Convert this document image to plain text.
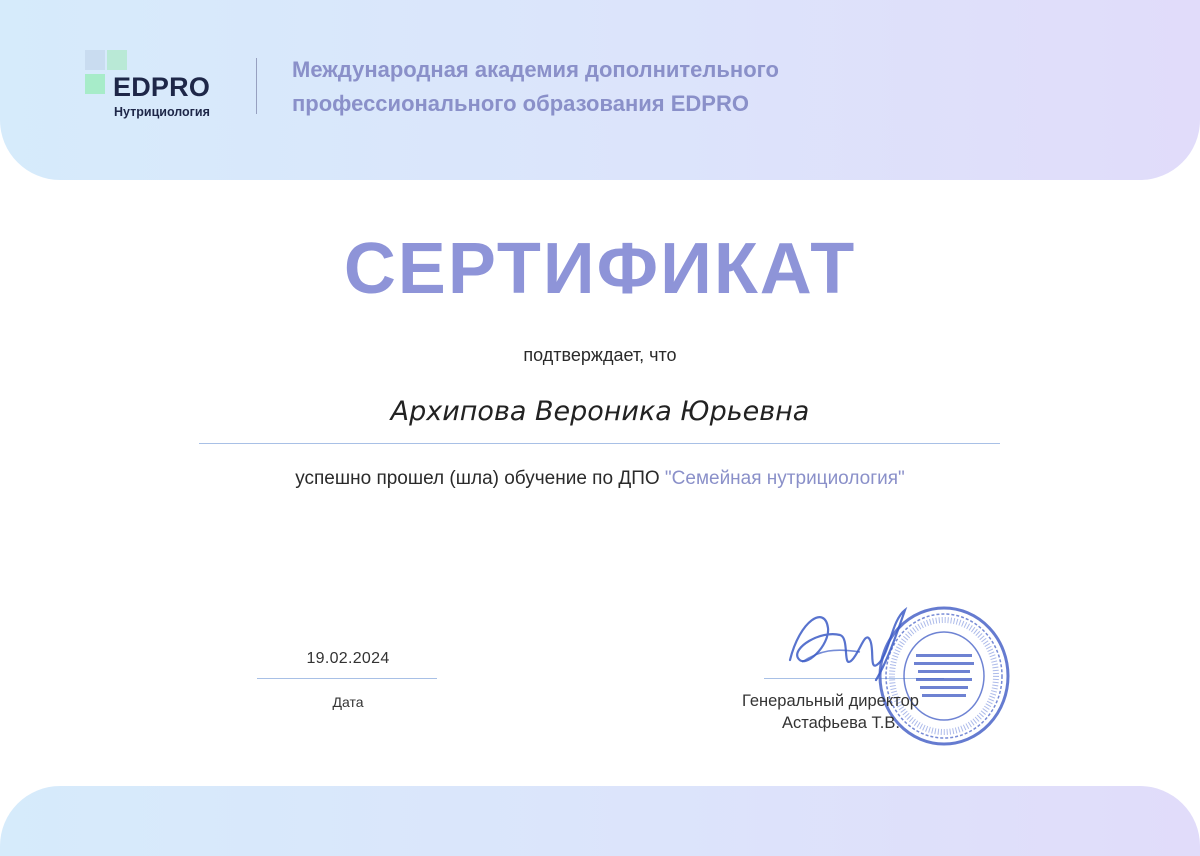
EDPRO
Нутрициология
Международная академия дополнительного
профессионального образования EDPRO
СЕРТИФИКАТ
подтверждает, что
Архипова Вероника Юрьевна
успешно прошел (шла) обучение по ДПО "Семейная нутрициология"
19.02.2024
Дата	Генеральный директор
Астафьева Т.В.
